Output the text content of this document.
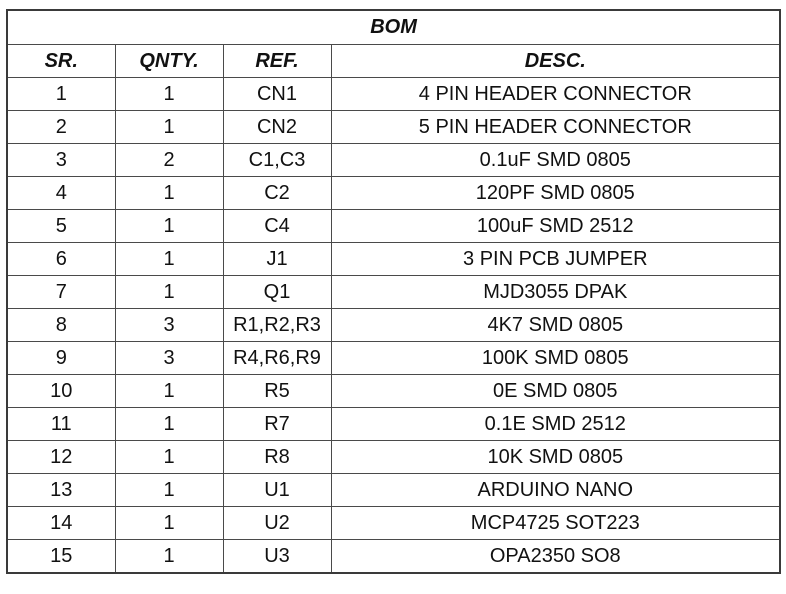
BOM			
SR.	QNTY.	REF.	DESC.
1	1	CN1	4 PIN HEADER CONNECTOR
2	1	CN2	5 PIN HEADER CONNECTOR
3	2	C1,C3	0.1uF SMD 0805
4	1	C2	120PF SMD 0805
5	1	C4	100uF SMD 2512
6	1	J1	3 PIN PCB JUMPER
7	1	Q1	MJD3055 DPAK
8	3	R1,R2,R3	4K7 SMD 0805
9	3	R4,R6,R9	100K SMD 0805
10	1	R5	0E SMD 0805
11	1	R7	0.1E SMD 2512
12	1	R8	10K SMD 0805
13	1	U1	ARDUINO NANO
14	1	U2	MCP4725 SOT223
15	1	U3	OPA2350 SO8
